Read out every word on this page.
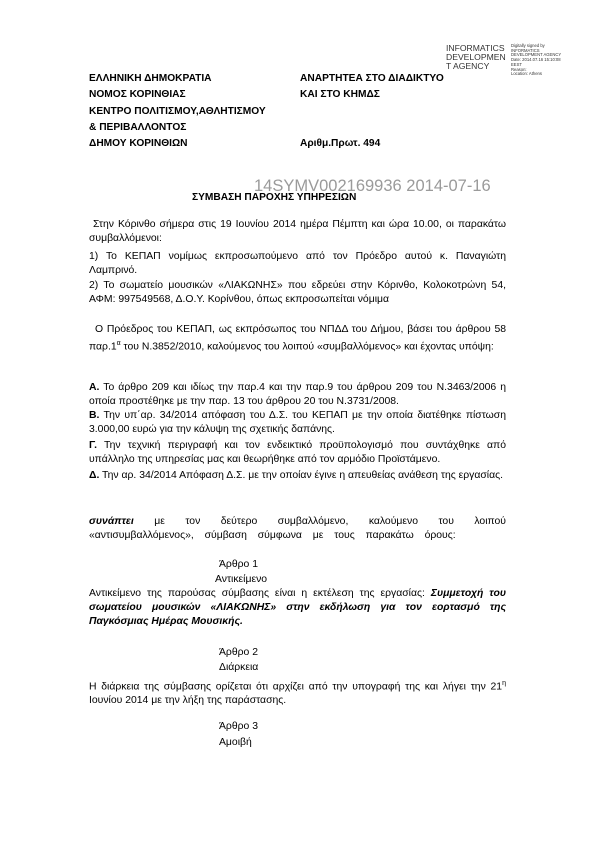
INFORMATICS
DEVELOPMEN
T AGENCY
Digitally signed by
INFORMATICS
DEVELOPMENT AGENCY
Date: 2014.07.16 15:10:08
EEST
Reason:
Location: Athens
ΕΛΛΗΝΙΚΗ ΔΗΜΟΚΡΑΤΙΑ
ΝΟΜΟΣ ΚΟΡΙΝΘΙΑΣ
ΚΕΝΤΡΟ ΠΟΛΙΤΙΣΜΟΥ,ΑΘΛΗΤΙΣΜΟΥ
& ΠΕΡΙΒΑΛΛΟΝΤΟΣ
ΔΗΜΟΥ ΚΟΡΙΝΘΙΩΝ
ΑΝΑΡΤΗΤΕΑ ΣΤΟ ΔΙΑΔΙΚΤΥΟ
ΚΑΙ ΣΤΟ ΚΗΜΔΣ
Αριθμ.Πρωτ. 494
14SYMV002169936 2014-07-16
ΣΥΜΒΑΣΗ ΠΑΡΟΧΗΣ ΥΠΗΡΕΣΙΩΝ
Στην Κόρινθο σήμερα στις 19 Ιουνίου 2014 ημέρα Πέμπτη και ώρα 10.00, οι παρακάτω συμβαλλόμενοι:
1) Το ΚΕΠΑΠ νομίμως εκπροσωπούμενο από τον Πρόεδρο αυτού κ. Παναγιώτη Λαμπρινό.
2) Το σωματείο μουσικών «ΛΙΑΚΩΝΗΣ» που εδρεύει στην Κόρινθο, Κολοκοτρώνη 54, ΑΦΜ: 997549568, Δ.Ο.Υ. Κορίνθου, όπως εκπροσωπείται νόμιμα
Ο Πρόεδρος του ΚΕΠΑΠ, ως εκπρόσωπος του ΝΠΔΔ του Δήμου, βάσει του άρθρου 58 $\pi\alpha\rho.1^\alpha$ του Ν.3852/2010, καλούμενος του λοιπού «συμβαλλόμενος» και έχοντας υπόψη:
Α. Το άρθρο 209 και ιδίως την παρ.4 και την παρ.9 του άρθρου 209 του Ν.3463/2006 η οποία προστέθηκε με την παρ. 13 του άρθρου 20 του Ν.3731/2008.
Β. Την υπ΄αρ. 34/2014 απόφαση του Δ.Σ. του ΚΕΠΑΠ με την οποία διατέθηκε πίστωση 3.000,00 ευρώ για την κάλυψη της σχετικής δαπάνης.
Γ. Την τεχνική περιγραφή και τον ενδεικτικό προϋπολογισμό που συντάχθηκε από υπάλληλο της υπηρεσίας μας και θεωρήθηκε από τον αρμόδιο Προϊστάμενο.
Δ. Την αρ. 34/2014 Απόφαση Δ.Σ. με την οποίαν έγινε η απευθείας ανάθεση της εργασίας.
συνάπτει με τον δεύτερο συμβαλλόμενο, καλούμενο του λοιπού «αντισυμβαλλόμενος», σύμβαση σύμφωνα με τους παρακάτω όρους:
Άρθρο 1
Αντικείμενο
Αντικείμενο της παρούσας σύμβασης είναι η εκτέλεση της εργασίας: Συμμετοχή του σωματείου μουσικών «ΛΙΑΚΩΝΗΣ» στην εκδήλωση για τον εορτασμό της Παγκόσμιας Ημέρας Μουσικής.
Άρθρο 2
Διάρκεια
Η διάρκεια της σύμβασης ορίζεται ότι αρχίζει από την υπογραφή της και λήγει την $21^\eta$ Ιουνίου 2014 με την λήξη της παράστασης.
Άρθρο 3
Αμοιβή
